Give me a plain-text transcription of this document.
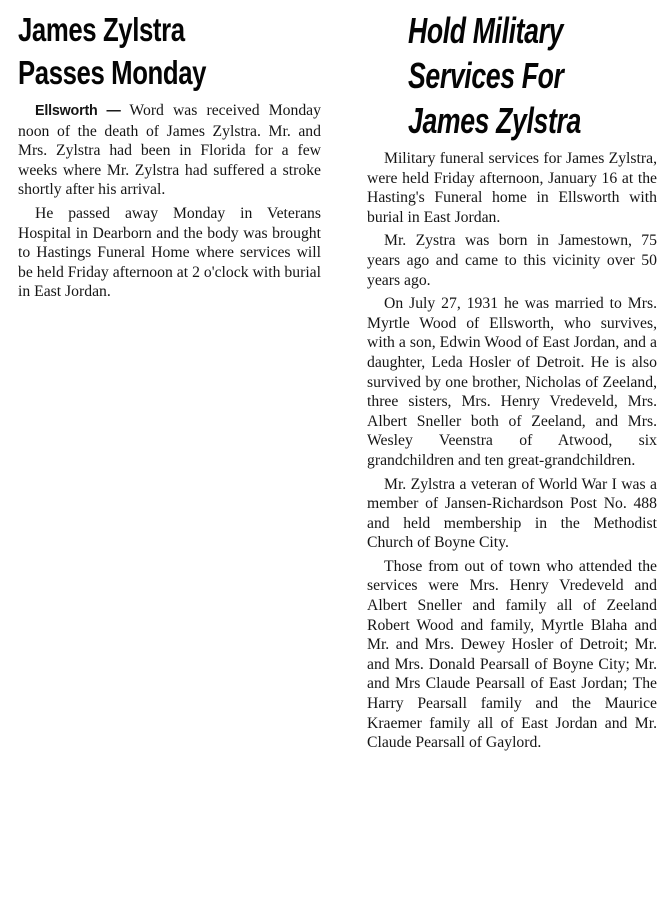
James Zylstra
Passes Monday

Ellsworth — Word was received Monday noon of the death of James Zylstra. Mr. and Mrs. Zylstra had been in Florida for a few weeks where Mr. Zylstra had suffered a stroke shortly after his arrival.

He passed away Monday in Veterans Hospital in Dearborn and the body was brought to Hastings Funeral Home where services will be held Friday afternoon at 2 o'clock with burial in East Jordan.

Hold Military
Services For
James Zylstra

Military funeral services for James Zylstra, were held Friday afternoon, January 16 at the Hasting's Funeral home in Ellsworth with burial in East Jordan.

Mr. Zystra was born in Jamestown, 75 years ago and came to this vicinity over 50 years ago.

On July 27, 1931 he was married to Mrs. Myrtle Wood of Ellsworth, who survives, with a son, Edwin Wood of East Jordan, and a daughter, Leda Hosler of Detroit. He is also survived by one brother, Nicholas of Zeeland, three sisters, Mrs. Henry Vredeveld, Mrs. Albert Sneller both of Zeeland, and Mrs. Wesley Veenstra of Atwood, six grandchildren and ten great-grandchildren.

Mr. Zylstra a veteran of World War I was a member of Jansen-Richardson Post No. 488 and held membership in the Methodist Church of Boyne City.

Those from out of town who attended the services were Mrs. Henry Vredeveld and Albert Sneller and family all of Zeeland Robert Wood and family, Myrtle Blaha and Mr. and Mrs. Dewey Hosler of Detroit; Mr. and Mrs. Donald Pearsall of Boyne City; Mr. and Mrs Claude Pearsall of East Jordan; The Harry Pearsall family and the Maurice Kraemer family all of East Jordan and Mr. Claude Pearsall of Gaylord.
